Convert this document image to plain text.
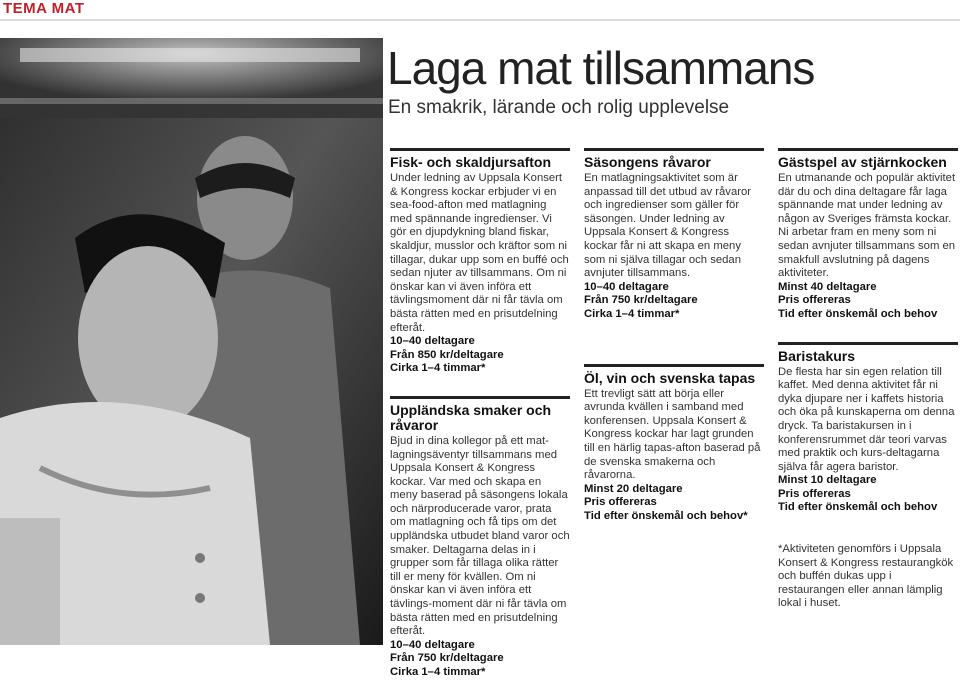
TEMA MAT
Laga mat tillsammans
En smakrik, lärande och rolig upplevelse
Fisk- och skaldjursafton

Under ledning av Uppsala Konsert & Kongress kockar erbjuder vi en sea-food-afton med matlagning med spännande ingredienser. Vi gör en djupdykning bland fiskar, skaldjur, musslor och kräftor som ni tillagar, dukar upp som en buffé och sedan njuter av tillsammans. Om ni önskar kan vi även införa ett tävlingsmoment där ni får tävla om bästa rätten med en prisutdelning efteråt.

10–40 deltagare

Från 850 kr/deltagare

Cirka 1–4 timmar*

Uppländska smaker och råvaror

Bjud in dina kollegor på ett mat-lagningsäventyr tillsammans med Uppsala Konsert & Kongress kockar. Var med och skapa en meny baserad på säsongens lokala och närproducerade varor, prata om matlagning och få tips om det uppländska utbudet bland varor och smaker. Deltagarna delas in i grupper som får tillaga olika rätter till er meny för kvällen. Om ni önskar kan vi även införa ett tävlings-moment där ni får tävla om bästa rätten med en prisutdelning efteråt.

10–40 deltagare

Från 750 kr/deltagare

Cirka 1–4 timmar*

Säsongens råvaror

En matlagningsaktivitet som är anpassad till det utbud av råvaror och ingredienser som gäller för säsongen. Under ledning av Uppsala Konsert & Kongress kockar får ni att skapa en meny som ni själva tillagar och sedan avnjuter tillsammans.

10–40 deltagare

Från 750 kr/deltagare

Cirka 1–4 timmar*

Öl, vin och svenska tapas

Ett trevligt sätt att börja eller avrunda kvällen i samband med konferensen. Uppsala Konsert & Kongress kockar har lagt grunden till en härlig tapas-afton baserad på de svenska smakerna och råvarorna.

Minst 20 deltagare

Pris offereras

Tid efter önskemål och behov*

Gästspel av stjärnkocken

En utmanande och populär aktivitet där du och dina deltagare får laga spännande mat under ledning av någon av Sveriges främsta kockar. Ni arbetar fram en meny som ni sedan avnjuter tillsammans som en smakfull avslutning på dagens aktiviteter.

Minst 40 deltagare

Pris offereras

Tid efter önskemål och behov

Baristakurs

De flesta har sin egen relation till kaffet. Med denna aktivitet får ni dyka djupare ner i kaffets historia och öka på kunskaperna om denna dryck. Ta baristakursen in i konferensrummet där teori varvas med praktik och kurs-deltagarna själva får agera baristor.

Minst 10 deltagare

Pris offereras

Tid efter önskemål och behov

*Aktiviteten genomförs i Uppsala Konsert & Kongress restaurangkök och buffén dukas upp i restaurangen eller annan lämplig lokal i huset.
